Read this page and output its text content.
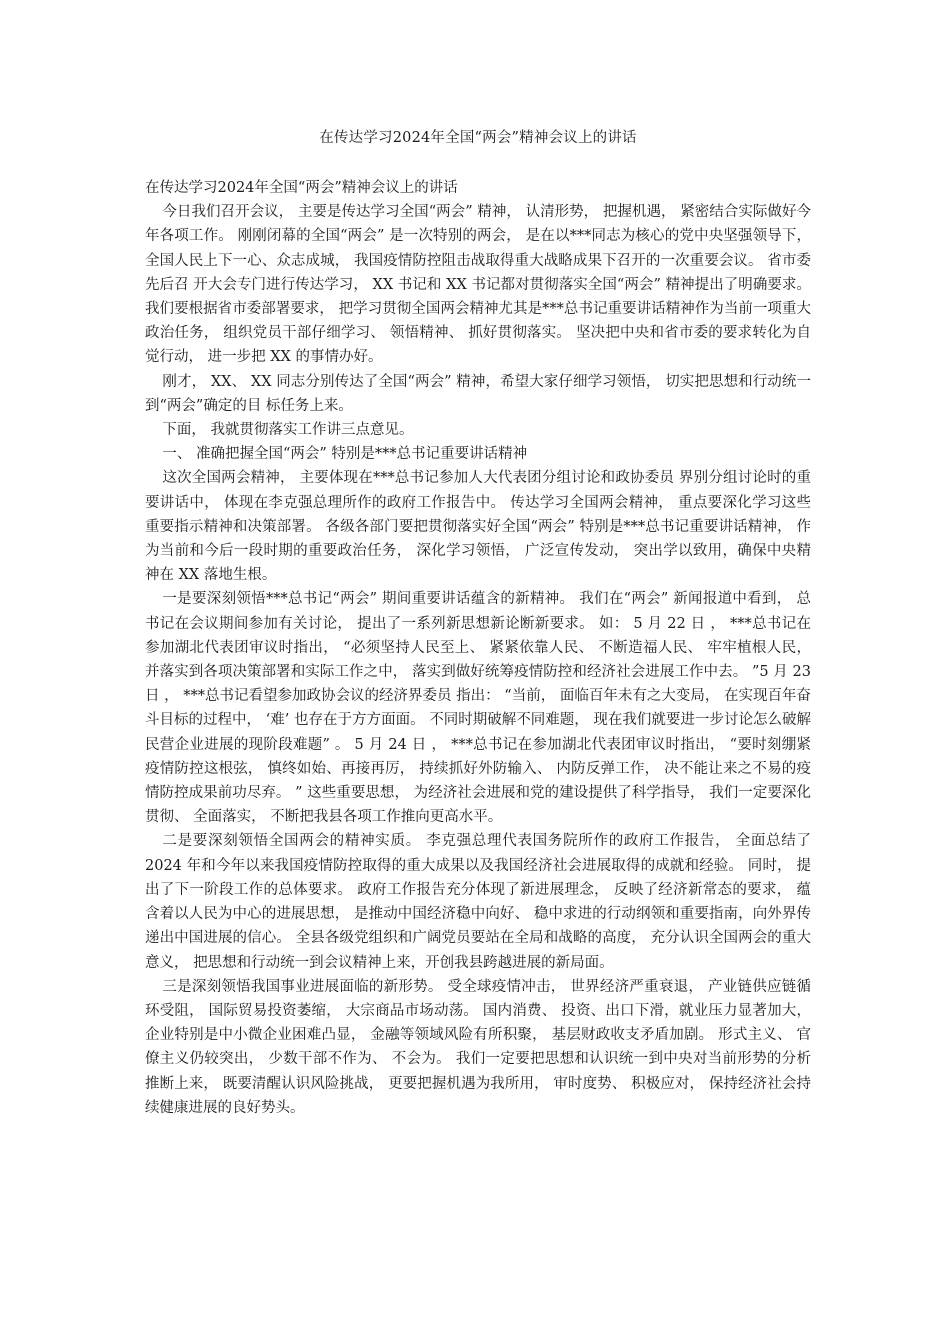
在传达学习2024年全国“两会”精神会议上的讲话

在传达学习2024年全国“两会”精神会议上的讲话

今日我们召开会议， 主要是传达学习全国“两会” 精神， 认清形势， 把握机遇， 紧密结合实际做好今年各项工作。 刚刚闭幕的全国“两会” 是一次特别的两会， 是在以***同志为核心的党中央坚强领导下， 全国人民上下一心、众志成城， 我国疫情防控阻击战取得重大战略成果下召开的一次重要会议。 省市委先后召 开大会专门进行传达学习， XX 书记和 XX 书记都对贯彻落实全国“两会” 精神提出了明确要求。 我们要根据省市委部署要求， 把学习贯彻全国两会精神尤其是***总书记重要讲话精神作为当前一项重大政治任务， 组织党员干部仔细学习、 领悟精神、 抓好贯彻落实。 坚决把中央和省市委的要求转化为自 觉行动， 进一步把 XX 的事情办好。

刚才， XX、 XX 同志分别传达了全国“两会” 精神，希望大家仔细学习领悟， 切实把思想和行动统一到“两会”确定的目 标任务上来。

下面， 我就贯彻落实工作讲三点意见。

一、 准确把握全国“两会” 特别是***总书记重要讲话精神

这次全国两会精神， 主要体现在***总书记参加人大代表团分组讨论和政协委员 界别分组讨论时的重要讲话中， 体现在李克强总理所作的政府工作报告中。 传达学习全国两会精神， 重点要深化学习这些重要指示精神和决策部署。 各级各部门要把贯彻落实好全国“两会” 特别是***总书记重要讲话精神， 作为当前和今后一段时期的重要政治任务， 深化学习领悟， 广泛宣传发动， 突出学以致用，确保中央精神在 XX 落地生根。

一是要深刻领悟***总书记“两会” 期间重要讲话蕴含的新精神。 我们在“两会” 新闻报道中看到， 总书记在会议期间参加有关讨论， 提出了一系列新思想新论断新要求。 如： 5 月 22 日 ， ***总书记在参加湖北代表团审议时指出， “必须坚持人民至上、 紧紧依靠人民、 不断造福人民、 牢牢植根人民， 并落实到各项决策部署和实际工作之中， 落实到做好统筹疫情防控和经济社会进展工作中去。 ”5 月 23 日 ， ***总书记看望参加政协会议的经济界委员 指出： “当前， 面临百年未有之大变局， 在实现百年奋斗目标的过程中， ‘难’ 也存在于方方面面。 不同时期破解不同难题， 现在我们就要进一步讨论怎么破解民营企业进展的现阶段难题” 。 5 月 24 日 ， ***总书记在参加湖北代表团审议时指出， “要时刻绷紧疫情防控这根弦， 慎终如始、再接再厉， 持续抓好外防输入、 内防反弹工作， 决不能让来之不易的疫情防控成果前功尽弃。 ” 这些重要思想， 为经济社会进展和党的建设提供了科学指导， 我们一定要深化贯彻、 全面落实， 不断把我县各项工作推向更高水平。

二是要深刻领悟全国两会的精神实质。 李克强总理代表国务院所作的政府工作报告， 全面总结了 2024 年和今年以来我国疫情防控取得的重大成果以及我国经济社会进展取得的成就和经验。 同时， 提出了下一阶段工作的总体要求。 政府工作报告充分体现了新进展理念， 反映了经济新常态的要求， 蕴含着以人民为中心的进展思想， 是推动中国经济稳中向好、 稳中求进的行动纲领和重要指南，向外界传递出中国进展的信心。 全县各级党组织和广阔党员要站在全局和战略的高度， 充分认识全国两会的重大意义， 把思想和行动统一到会议精神上来，开创我县跨越进展的新局面。

三是深刻领悟我国事业进展面临的新形势。 受全球疫情冲击， 世界经济严重衰退， 产业链供应链循环受阻， 国际贸易投资萎缩， 大宗商品市场动荡。 国内消费、 投资、出口下滑，就业压力显著加大， 企业特别是中小微企业困难凸显， 金融等领域风险有所积聚， 基层财政收支矛盾加剧。 形式主义、 官僚主义仍较突出， 少数干部不作为、 不会为。 我们一定要把思想和认识统一到中央对当前形势的分析推断上来， 既要清醒认识风险挑战， 更要把握机遇为我所用， 审时度势、 积极应对， 保持经济社会持续健康进展的良好势头。
